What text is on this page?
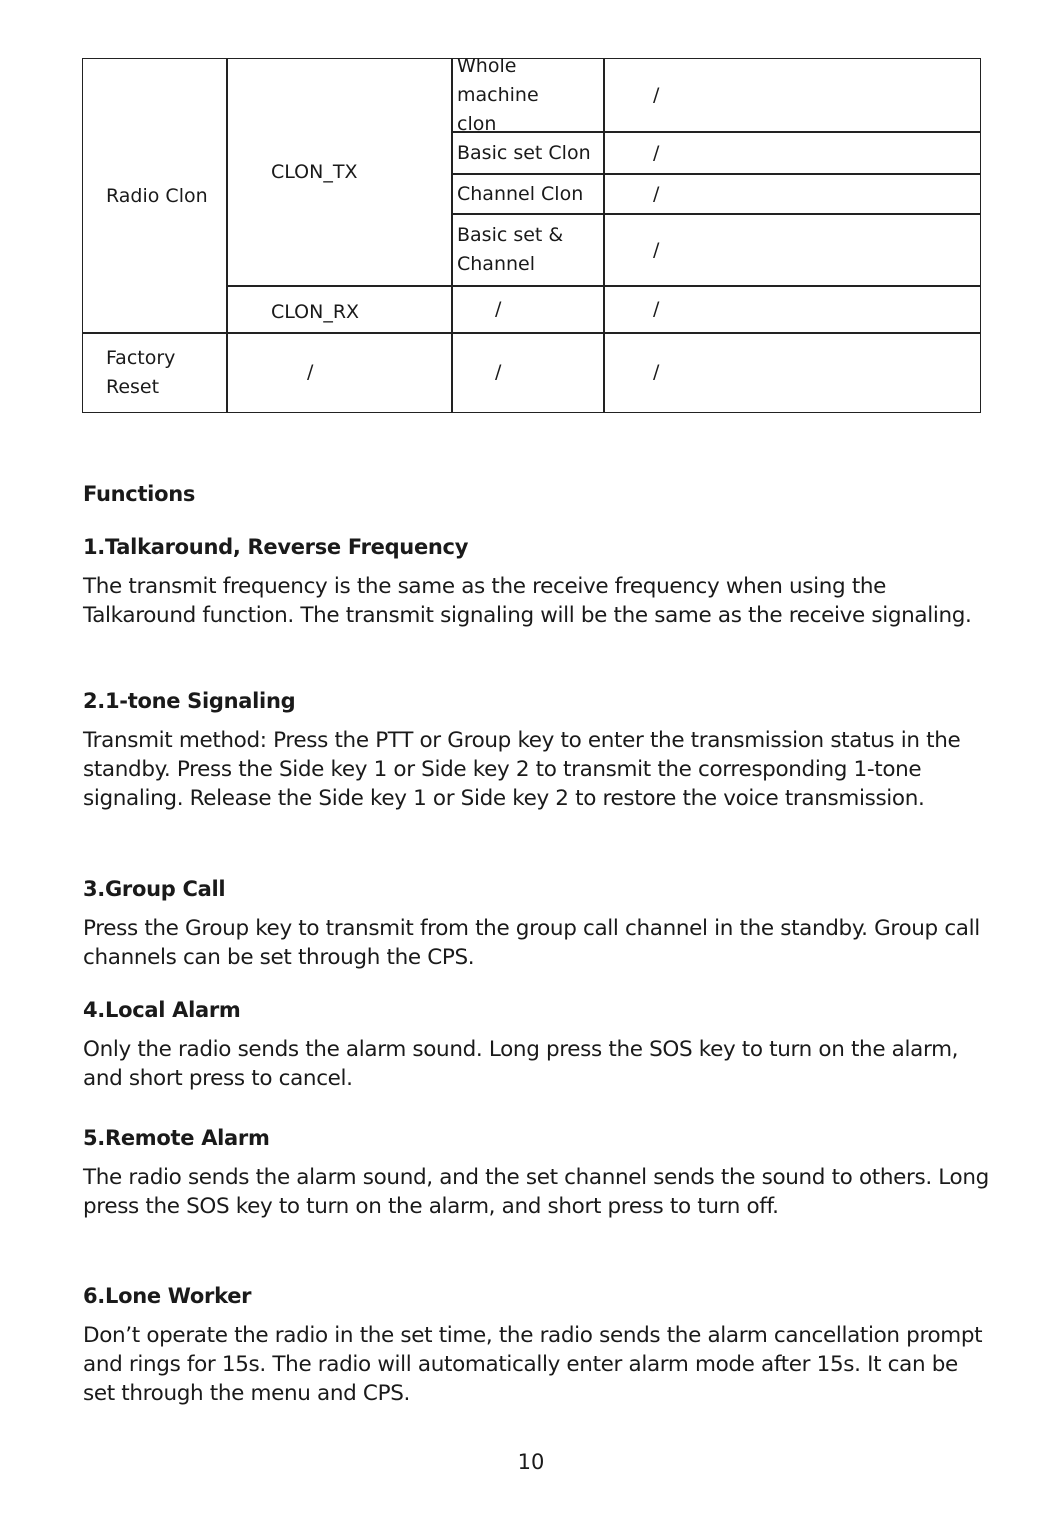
Radio Clon
Factory Reset
CLON_TX
CLON_RX
/
Whole machine clon
Basic set Clon
Channel Clon
Basic set & Channel
/
/
/
/
/
/
/
/
Functions
1.Talkaround, Reverse Frequency
The transmit frequency is the same as the receive frequency when using the Talkaround function. The transmit signaling will be the same as the receive signaling.
2.1-tone Signaling
Transmit method: Press the PTT or Group key to enter the transmission status in the standby. Press the Side key 1 or Side key 2 to transmit the corresponding 1-tone signaling. Release the Side key 1 or Side key 2 to restore the voice transmission.
3.Group Call
Press the Group key to transmit from the group call channel in the standby. Group call channels can be set through the CPS.
4.Local Alarm
Only the radio sends the alarm sound. Long press the SOS key to turn on the alarm, and short press to cancel.
5.Remote Alarm
The radio sends the alarm sound, and the set channel sends the sound to others. Long press the SOS key to turn on the alarm, and short press to turn off.
6.Lone Worker
Don’t operate the radio in the set time, the radio sends the alarm cancellation prompt and rings for 15s. The radio will automatically enter alarm mode after 15s. It can be set through the menu and CPS.
10
